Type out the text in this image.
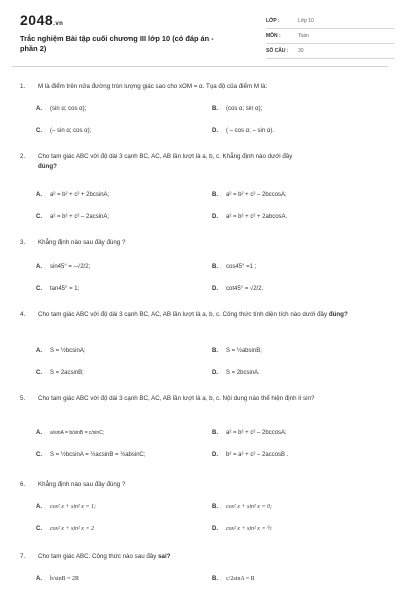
2048.vn
Trắc nghiệm Bài tập cuối chương III lớp 10 (có đáp án - phần 2)
LỚP :	Lớp 10
MÔN :	Toán
SỐ CÂU :	30
1.	M là điểm trên nửa đường tròn lượng giác sao cho xOM = α. Tọa độ của điểm M là:
A.	(sin α; cos α);	B.	(cos α; sin α);
C.	(– sin α; cos α);	D.	( – cos α; – sin α).
2.	Cho tam giác ABC với độ dài 3 cạnh BC, AC, AB lần lượt là a, b, c. Khẳng định nào dưới đây
đúng?
A.	a² = b² + c² + 2bcsinA;	B.	a² = b² + c² – 2bccosA;
C.	a² = b² + c² – 2acsinA;	D.	a² = b² + c² + 2abcosA.
3.	Khẳng định nào sau đây đúng ?
A.	sin45° = –√2/2;	B.	cos45° =1 ;
C.	tan45° = 1;	D.	cot45° = √2/2.
4.	Cho tam giác ABC với độ dài 3 cạnh BC, AC, AB lần lượt là a, b, c. Công thức tính diện tích nào dưới đây đúng?
A.	S = ½bcsinA;	B.	S = ½absinB;
C.	S = 2acsinB;	D.	S = 2bcsinA.
5.	Cho tam giác ABC với độ dài 3 cạnh BC, AC, AB lần lượt là a, b, c. Nội dung nào thể hiện định lí sin?
A.	a/sinA = b/sinB = c/sinC;	B.	a² = b² + c² – 2bccosA;
C.	S = ½bcsinA = ½acsinB = ½absinC;	D.	b² = a² + c² – 2accosB .
6.	Khẳng định nào sau đây đúng ?
A.	cos² x + sin² x = 1;	B.	cos² x + sin² x = 0;
C.	cos² x + sin² x = 2	D.	cos² x + sin² x = ½
7.	Cho tam giác ABC. Công thức nào sau đây sai?
A.	b/sinB = 2R	B.	c/2sinA = R
